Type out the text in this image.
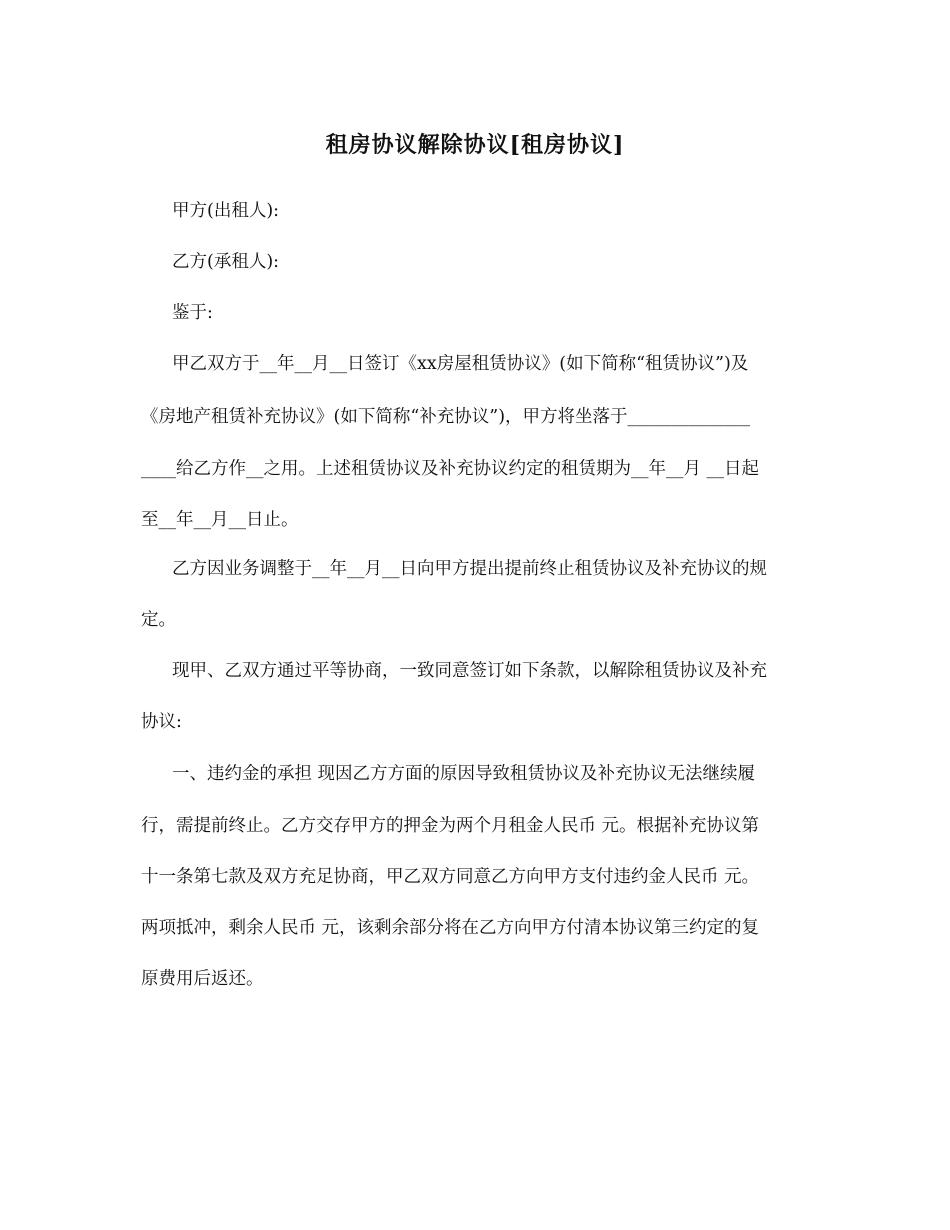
租房协议解除协议[租房协议]
甲方(出租人):
乙方(承租人):
鉴于:
甲乙双方于__年__月__日签订《xx房屋租赁协议》(如下简称“租赁协议”)及
《房地产租赁补充协议》(如下简称“补充协议”)，甲方将坐落于______________
____给乙方作__之用。上述租赁协议及补充协议约定的租赁期为__年__月 __日起
至__年__月__日止。
乙方因业务调整于__年__月__日向甲方提出提前终止租赁协议及补充协议的规
定。
现甲、乙双方通过平等协商，一致同意签订如下条款，以解除租赁协议及补充
协议:
一、违约金的承担 现因乙方方面的原因导致租赁协议及补充协议无法继续履
行，需提前终止。乙方交存甲方的押金为两个月租金人民币 元。根据补充协议第
十一条第七款及双方充足协商，甲乙双方同意乙方向甲方支付违约金人民币 元。
两项抵冲，剩余人民币 元，该剩余部分将在乙方向甲方付清本协议第三约定的复
原费用后返还。
